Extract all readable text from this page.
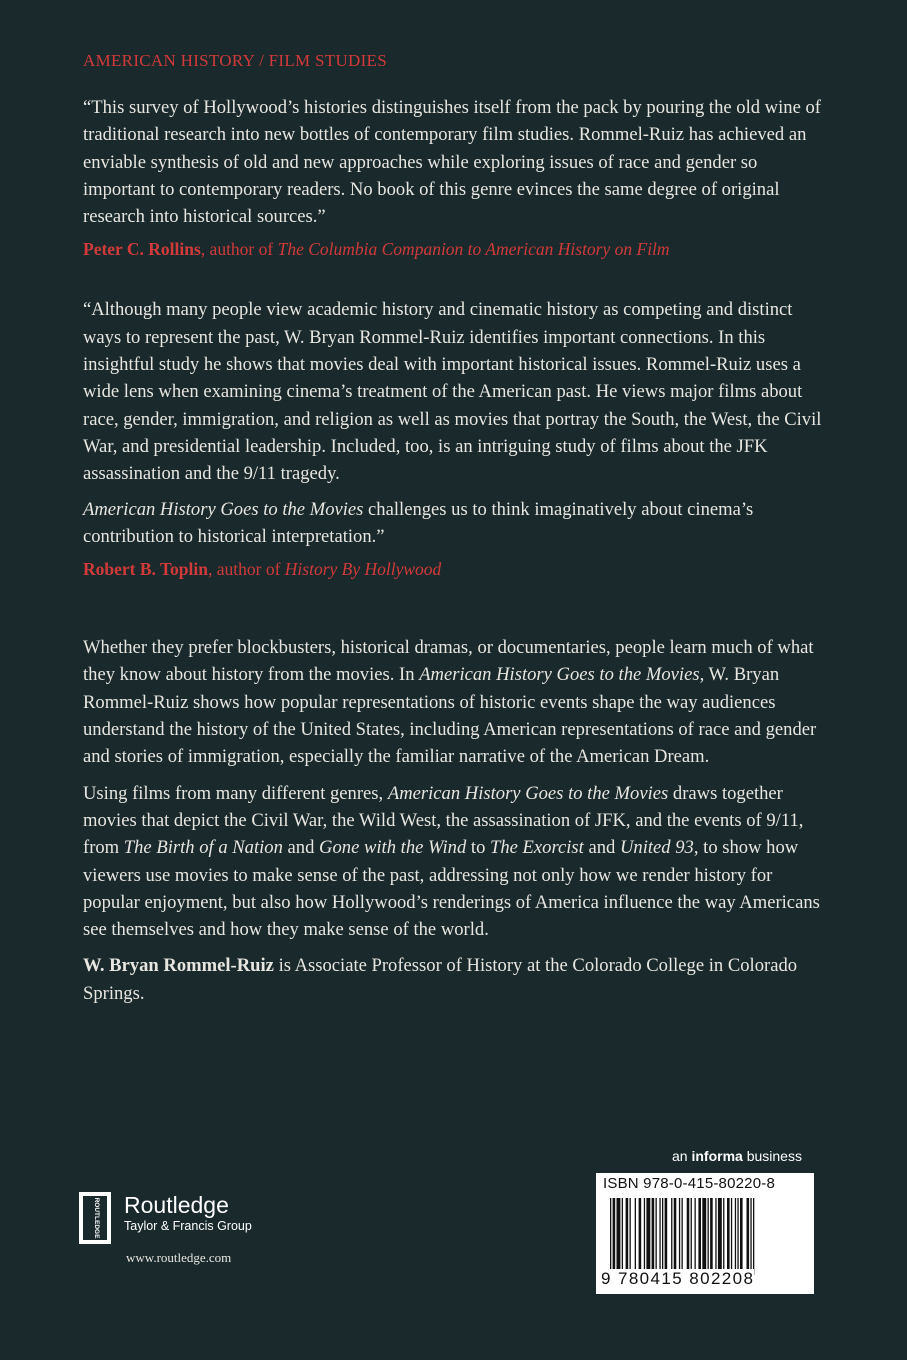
AMERICAN HISTORY / FILM STUDIES

“This survey of Hollywood’s histories distinguishes itself from the pack by pouring the old wine of traditional research into new bottles of contemporary film studies. Rommel-Ruiz has achieved an enviable synthesis of old and new approaches while exploring issues of race and gender so important to contemporary readers. No book of this genre evinces the same degree of original research into historical sources.”

Peter C. Rollins, author of The Columbia Companion to American History on Film

“Although many people view academic history and cinematic history as competing and distinct ways to represent the past, W. Bryan Rommel-Ruiz identifies important connections. In this insightful study he shows that movies deal with important historical issues. Rommel-Ruiz uses a wide lens when examining cinema’s treatment of the American past. He views major films about race, gender, immigration, and religion as well as movies that portray the South, the West, the Civil War, and presidential leadership. Included, too, is an intriguing study of films about the JFK assassination and the 9/11 tragedy.

American History Goes to the Movies challenges us to think imaginatively about cinema’s contribution to historical interpretation.”

Robert B. Toplin, author of History By Hollywood

Whether they prefer blockbusters, historical dramas, or documentaries, people learn much of what they know about history from the movies. In American History Goes to the Movies, W. Bryan Rommel-Ruiz shows how popular representations of historic events shape the way audiences understand the history of the United States, including American representations of race and gender and stories of immigration, especially the familiar narrative of the American Dream.

Using films from many different genres, American History Goes to the Movies draws together movies that depict the Civil War, the Wild West, the assassination of JFK, and the events of 9/11, from The Birth of a Nation and Gone with the Wind to The Exorcist and United 93, to show how viewers use movies to make sense of the past, addressing not only how we render history for popular enjoyment, but also how Hollywood’s renderings of America influence the way Americans see themselves and how they make sense of the world.

W. Bryan Rommel-Ruiz is Associate Professor of History at the Colorado College in Colorado Springs.

an informa business
ISBN 978-0-415-80220-8
9 780415 802208
ROUTLEDGE Routledge
Taylor & Francis Group
www.routledge.com
